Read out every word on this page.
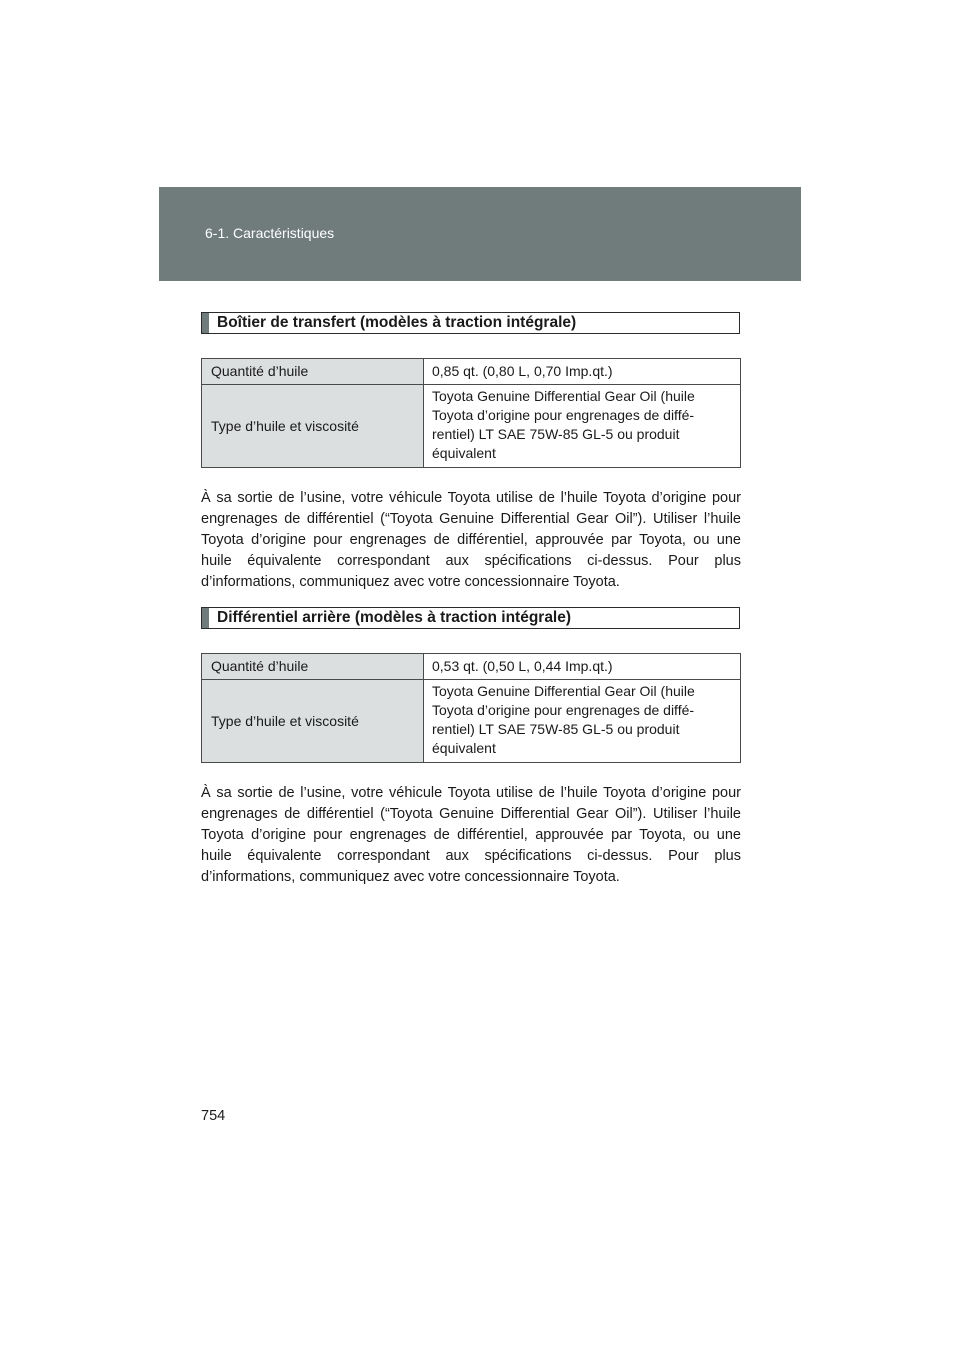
6-1. Caractéristiques
Boîtier de transfert (modèles à traction intégrale)
Quantité d’huile	0,85 qt. (0,80 L, 0,70 Imp.qt.)
Type d’huile et viscosité	Toyota Genuine Differential Gear Oil (huile Toyota d’origine pour engrenages de diffé-rentiel) LT SAE 75W-85 GL-5 ou produit équivalent

À sa sortie de l’usine, votre véhicule Toyota utilise de l’huile Toyota d’origine pour engrenages de différentiel (“Toyota Genuine Differential Gear Oil”). Utiliser l’huile Toyota d’origine pour engrenages de différentiel, approuvée par Toyota, ou une huile équivalente correspondant aux spécifications ci-dessus. Pour plus d’informations, communiquez avec votre concessionnaire Toyota.

Différentiel arrière (modèles à traction intégrale)
Quantité d’huile	0,53 qt. (0,50 L, 0,44 Imp.qt.)
Type d’huile et viscosité	Toyota Genuine Differential Gear Oil (huile Toyota d’origine pour engrenages de diffé-rentiel) LT SAE 75W-85 GL-5 ou produit équivalent

À sa sortie de l’usine, votre véhicule Toyota utilise de l’huile Toyota d’origine pour engrenages de différentiel (“Toyota Genuine Differential Gear Oil”). Utiliser l’huile Toyota d’origine pour engrenages de différentiel, approuvée par Toyota, ou une huile équivalente correspondant aux spécifications ci-dessus. Pour plus d’informations, communiquez avec votre concessionnaire Toyota.

754
